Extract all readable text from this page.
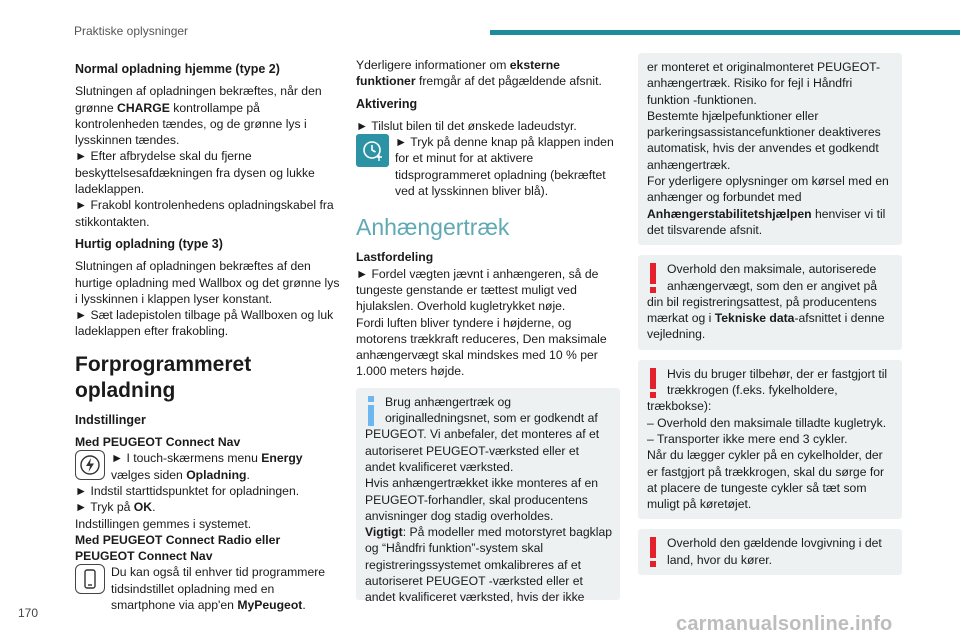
Praktiske oplysninger
Normal opladning hjemme (type 2)

Slutningen af opladningen bekræftes, når den grønne CHARGE kontrollampe på kontrolenheden tændes, og de grønne lys i lysskinnen tændes.

► Efter afbrydelse skal du fjerne beskyttelsesafdækningen fra dysen og lukke ladeklappen.

► Frakobl kontrolenhedens opladningskabel fra stikkontakten.

Hurtig opladning (type 3)

Slutningen af opladningen bekræftes af den hurtige opladning med Wallbox og det grønne lys i lysskinnen i klappen lyser konstant.

► Sæt ladepistolen tilbage på Wallboxen og luk ladeklappen efter frakobling.

Forprogrammeret opladning
Indstillinger

Med PEUGEOT Connect Nav

► I touch-skærmens menu Energy vælges siden Opladning.

► Indstil starttidspunktet for opladningen.

► Tryk på OK.

Indstillingen gemmes i systemet.

Med PEUGEOT Connect Radio eller PEUGEOT Connect Nav

Du kan også til enhver tid programmere tidsindstillet opladning med en smartphone via app'en MyPeugeot.

Yderligere informationer om eksterne funktioner fremgår af det pågældende afsnit.

Aktivering

► Tilslut bilen til det ønskede ladeudstyr.

► Tryk på denne knap på klappen inden for et minut for at aktivere tidsprogrammeret opladning (bekræftet ved at lysskinnen bliver blå).

Anhængertræk

Lastfordeling

► Fordel vægten jævnt i anhængeren, så de tungeste genstande er tættest muligt ved hjulakslen. Overhold kugletrykket nøje.

Fordi luften bliver tyndere i højderne, og motorens trækkraft reduceres, Den maksimale anhængervægt skal mindskes med 10 % per 1.000 meters højde.

Brug anhængertræk og originalledningsnet, som er godkendt af PEUGEOT. Vi anbefaler, det monteres af et autoriseret PEUGEOT-værksted eller et andet kvalificeret værksted.

Hvis anhængertrækket ikke monteres af en PEUGEOT-forhandler, skal producentens anvisninger dog stadig overholdes.

Vigtigt: På modeller med motorstyret bagklap og “Håndfri funktion”-system skal registreringssystemet omkalibreres af et autoriseret PEUGEOT -værksted eller et andet kvalificeret værksted, hvis der ikke

er monteret et originalmonteret PEUGEOT-anhængertræk. Risiko for fejl i Håndfri funktion -funktionen.

Bestemte hjælpefunktioner eller parkeringsassistancefunktioner deaktiveres automatisk, hvis der anvendes et godkendt anhængertræk.

For yderligere oplysninger om kørsel med en anhænger og forbundet med Anhængerstabilitetshjælpen henviser vi til det tilsvarende afsnit.

Overhold den maksimale, autoriserede anhængervægt, som den er angivet på din bil registreringsattest, på producentens mærkat og i Tekniske data-afsnittet i denne vejledning.

Hvis du bruger tilbehør, der er fastgjort til trækkrogen (f.eks. fykelholdere, trækbokse):

– Overhold den maksimale tilladte kugletryk.

– Transporter ikke mere end 3 cykler.

Når du lægger cykler på en cykelholder, der er fastgjort på trækkrogen, skal du sørge for at placere de tungeste cykler så tæt som muligt på køretøjet.

Overhold den gældende lovgivning i det land, hvor du kører.

170	carmanualsonline.info
